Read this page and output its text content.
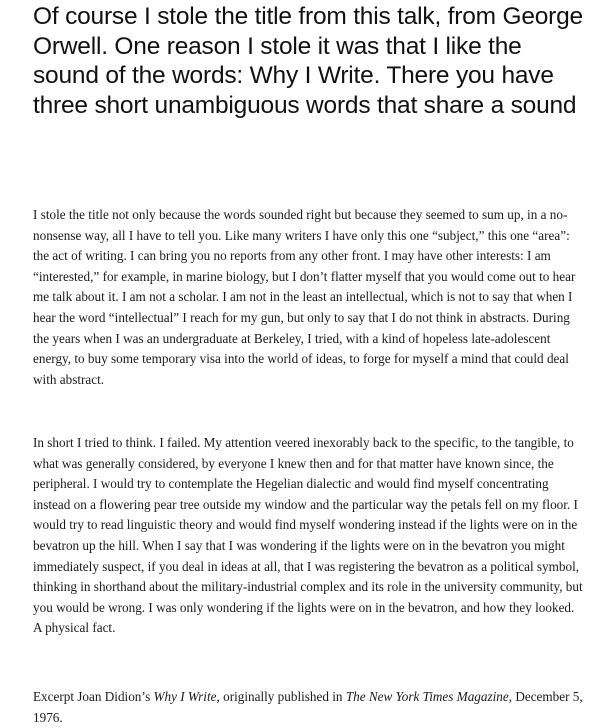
Of course I stole the title from this talk, from George Orwell. One reason I stole it was that I like the sound of the words: Why I Write. There you have three short unambiguous words that share a sound

I stole the title not only because the words sounded right but because they seemed to sum up, in a no-nonsense way, all I have to tell you. Like many writers I have only this one “subject,” this one “area”: the act of writing. I can bring you no reports from any other front. I may have other interests: I am “interested,” for example, in marine biology, but I don’t flatter myself that you would come out to hear me talk about it. I am not a scholar. I am not in the least an intellectual, which is not to say that when I hear the word “intellectual” I reach for my gun, but only to say that I do not think in abstracts. During the years when I was an undergraduate at Berkeley, I tried, with a kind of hopeless late-adolescent energy, to buy some temporary visa into the world of ideas, to forge for myself a mind that could deal with abstract.

In short I tried to think. I failed. My attention veered inexorably back to the specific, to the tangible, to what was generally considered, by everyone I knew then and for that matter have known since, the peripheral. I would try to contemplate the Hegelian dialectic and would find myself concentrating instead on a flowering pear tree outside my window and the particular way the petals fell on my floor. I would try to read linguistic theory and would find myself wondering instead if the lights were on in the bevatron up the hill. When I say that I was wondering if the lights were on in the bevatron you might immediately suspect, if you deal in ideas at all, that I was registering the bevatron as a political symbol, thinking in shorthand about the military-industrial complex and its role in the university community, but you would be wrong. I was only wondering if the lights were on in the bevatron, and how they looked. A physical fact.

Excerpt Joan Didion’s Why I Write, originally published in The New York Times Magazine, December 5, 1976.
